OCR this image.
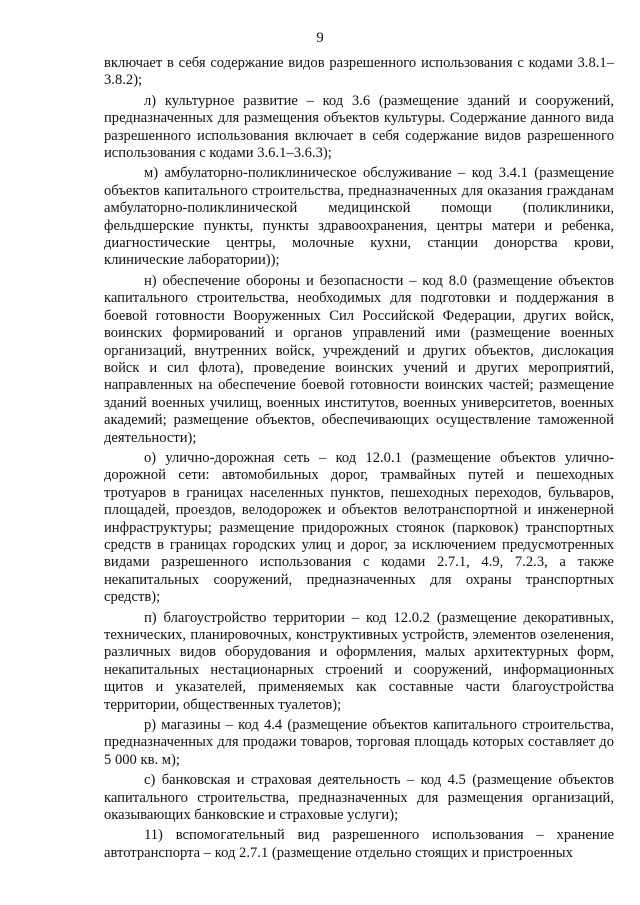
9

включает в себя содержание видов разрешенного использования с кодами 3.8.1–3.8.2);

л) культурное развитие – код 3.6 (размещение зданий и сооружений, предназначенных для размещения объектов культуры. Содержание данного вида разрешенного использования включает в себя содержание видов разрешенного использования с кодами 3.6.1–3.6.3);

м) амбулаторно-поликлиническое обслуживание – код 3.4.1 (размещение объектов капитального строительства, предназначенных для оказания гражданам амбулаторно-поликлинической медицинской помощи (поликлиники, фельдшерские пункты, пункты здравоохранения, центры матери и ребенка, диагностические центры, молочные кухни, станции донорства крови, клинические лаборатории));

н) обеспечение обороны и безопасности – код 8.0 (размещение объектов капитального строительства, необходимых для подготовки и поддержания в боевой готовности Вооруженных Сил Российской Федерации, других войск, воинских формирований и органов управлений ими (размещение военных организаций, внутренних войск, учреждений и других объектов, дислокация войск и сил флота), проведение воинских учений и других мероприятий, направленных на обеспечение боевой готовности воинских частей; размещение зданий военных училищ, военных институтов, военных университетов, военных академий; размещение объектов, обеспечивающих осуществление таможенной деятельности);

о) улично-дорожная сеть – код 12.0.1 (размещение объектов улично-дорожной сети: автомобильных дорог, трамвайных путей и пешеходных тротуаров в границах населенных пунктов, пешеходных переходов, бульваров, площадей, проездов, велодорожек и объектов велотранспортной и инженерной инфраструктуры; размещение придорожных стоянок (парковок) транспортных средств в границах городских улиц и дорог, за исключением предусмотренных видами разрешенного использования с кодами 2.7.1, 4.9, 7.2.3, а также некапитальных сооружений, предназначенных для охраны транспортных средств);

п) благоустройство территории – код 12.0.2 (размещение декоративных, технических, планировочных, конструктивных устройств, элементов озеленения, различных видов оборудования и оформления, малых архитектурных форм, некапитальных нестационарных строений и сооружений, информационных щитов и указателей, применяемых как составные части благоустройства территории, общественных туалетов);

р) магазины – код 4.4 (размещение объектов капитального строительства, предназначенных для продажи товаров, торговая площадь которых составляет до 5 000 кв. м);

с) банковская и страховая деятельность – код 4.5 (размещение объектов капитального строительства, предназначенных для размещения организаций, оказывающих банковские и страховые услуги);

11) вспомогательный вид разрешенного использования – хранение автотранспорта – код 2.7.1 (размещение отдельно стоящих и пристроенных
